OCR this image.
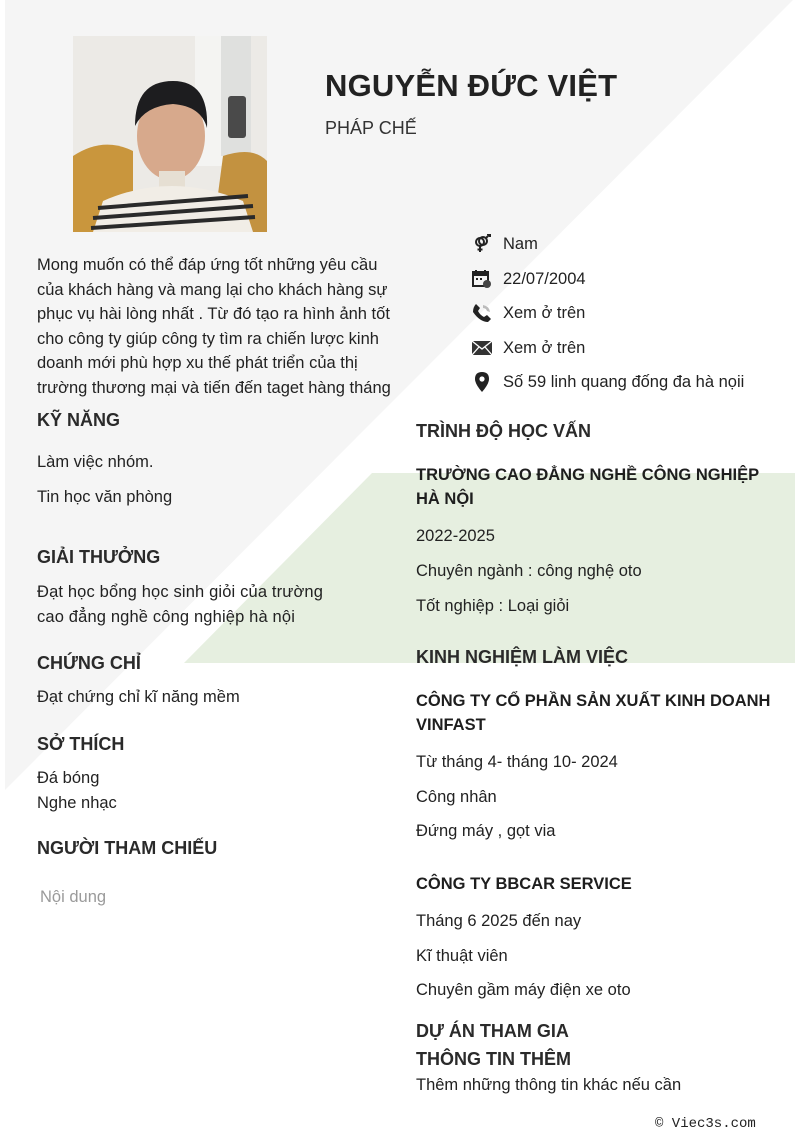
NGUYỄN ĐỨC VIỆT
PHÁP CHẾ
Mong muốn có thể đáp ứng tốt những yêu cầu của khách hàng và mang lại cho khách hàng sự phục vụ hài lòng nhất . Từ đó tạo ra hình ảnh tốt cho công ty giúp công ty tìm ra chiến lược kinh doanh mới phù hợp xu thế phát triển của thị trường thương mại và tiến đến taget hàng tháng
Nam
22/07/2004
Xem ở trên
Xem ở trên
Số 59 linh quang đống đa hà nọii
KỸ NĂNG
Làm việc nhóm.
Tin học văn phòng
GIẢI THƯỞNG
Đạt học bổng học sinh giỏi của trường cao đẳng nghề công nghiệp hà nội
CHỨNG CHỈ
Đạt chứng chỉ kĩ năng mềm
SỞ THÍCH
Đá bóng
Nghe nhạc
NGƯỜI THAM CHIẾU
Nội dung
TRÌNH ĐỘ HỌC VẤN
TRƯỜNG CAO ĐẲNG NGHỀ CÔNG NGHIỆP HÀ NỘI
2022-2025
Chuyên ngành : công nghệ oto
Tốt nghiệp : Loại giỏi
KINH NGHIỆM LÀM VIỆC
CÔNG TY CỔ PHẦN SẢN XUẤT KINH DOANH VINFAST
Từ tháng 4- tháng 10- 2024
Công nhân
Đứng máy , gọt via
CÔNG TY BBCAR SERVICE
Tháng 6 2025 đến nay
Kĩ thuật viên
Chuyên gầm máy điện xe oto
DỰ ÁN THAM GIA
THÔNG TIN THÊM
Thêm những thông tin khác nếu cần
© Viec3s.com
